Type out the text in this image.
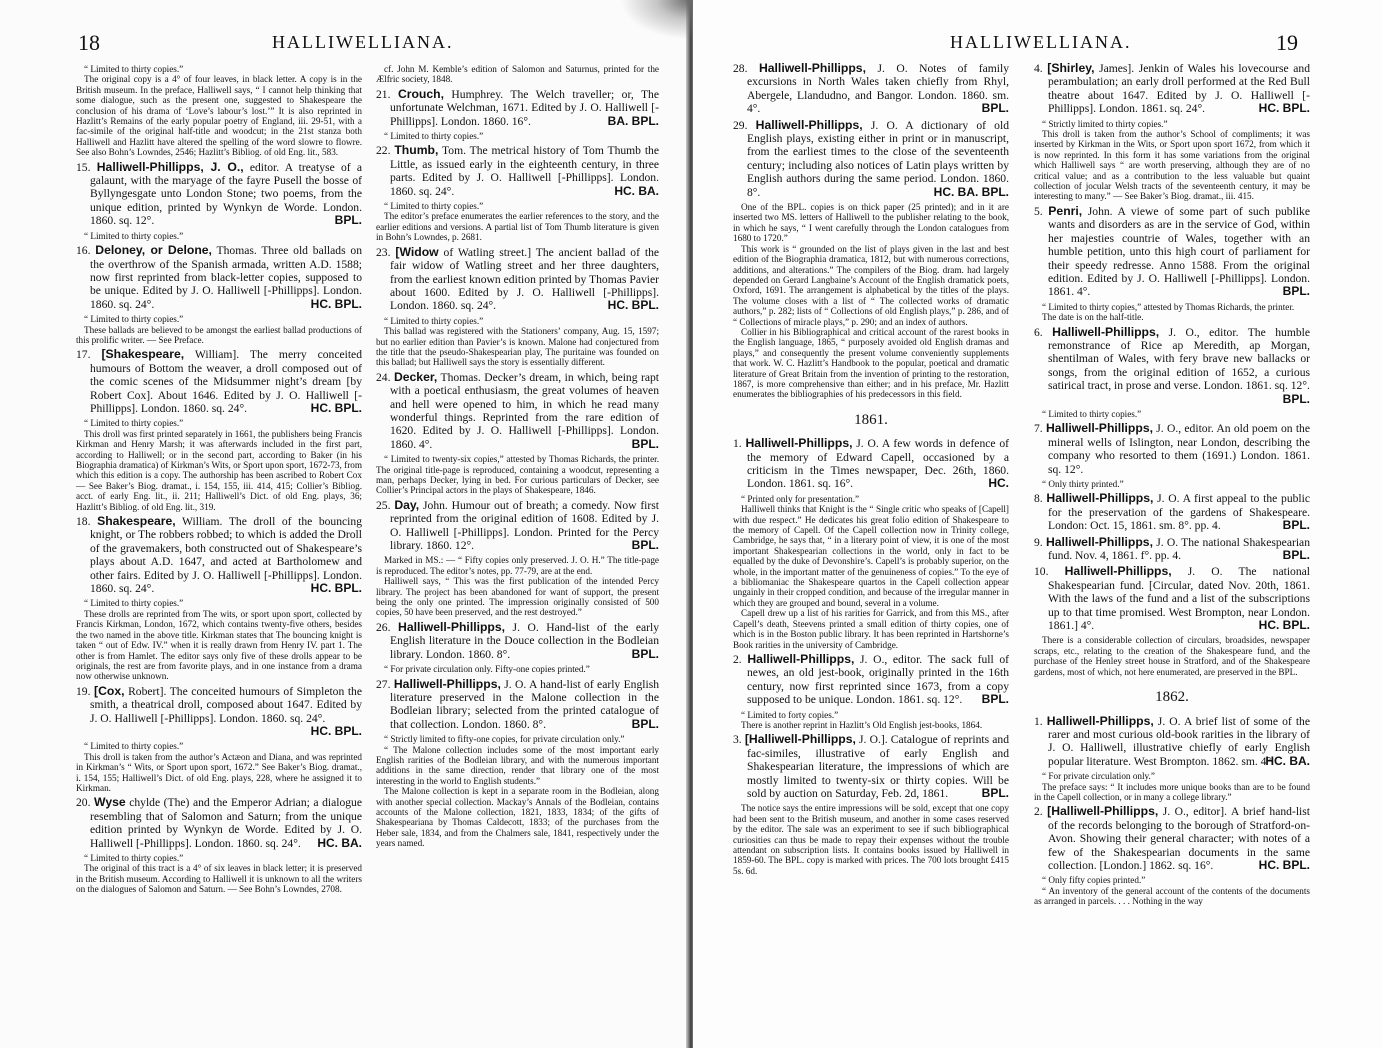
18	HALLIWELLIANA.

“ Limited to thirty copies.”

The original copy is a 4° of four leaves, in black letter. A copy is in the British museum. In the preface, Halliwell says, “ I cannot help thinking that some dialogue, such as the present one, suggested to Shakespeare the conclusion of his drama of ‘Love’s labour’s lost.’” It is also reprinted in Hazlitt’s Remains of the early popular poetry of England, iii. 29-51, with a fac-simile of the original half-title and woodcut; in the 21st stanza both Halliwell and Hazlitt have altered the spelling of the word slowre to flowre. See also Bohn’s Lowndes, 2546; Hazlitt’s Bibliog. of old Eng. lit., 583.

15. Halliwell-Phillipps, J. O., editor. A treatyse of a galaunt, with the maryage of the fayre Pusell the bosse of Byllyngesgate unto London Stone; two poems, from the unique edition, printed by Wynkyn de Worde. London. 1860. sq. 12°.	BPL.

“ Limited to thirty copies.”

16. Deloney, or Delone, Thomas. Three old ballads on the overthrow of the Spanish armada, written A.D. 1588; now first reprinted from black-letter copies, supposed to be unique. Edited by J. O. Halliwell [-Phillipps]. London. 1860. sq. 24°.	HC. BPL.

“ Limited to thirty copies.”

These ballads are believed to be amongst the earliest ballad productions of this prolific writer. — See Preface.

17. [Shakespeare, William]. The merry conceited humours of Bottom the weaver, a droll composed out of the comic scenes of the Midsummer night’s dream [by Robert Cox]. About 1646. Edited by J. O. Halliwell [-Phillipps]. London. 1860. sq. 24°.	HC. BPL.

“ Limited to thirty copies.”

This droll was first printed separately in 1661, the publishers being Francis Kirkman and Henry Marsh; it was afterwards included in the first part, according to Halliwell; or in the second part, according to Baker (in his Biographia dramatica) of Kirkman’s Wits, or Sport upon sport, 1672-73, from which this edition is a copy. The authorship has been ascribed to Robert Cox — See Baker’s Biog. dramat., i. 154, 155, iii. 414, 415; Collier’s Bibliog. acct. of early Eng. lit., ii. 211; Halliwell’s Dict. of old Eng. plays, 36; Hazlitt’s Bibliog. of old Eng. lit., 319.

18. Shakespeare, William. The droll of the bouncing knight, or The robbers robbed; to which is added the Droll of the gravemakers, both constructed out of Shakespeare’s plays about A.D. 1647, and acted at Bartholomew and other fairs. Edited by J. O. Halliwell [-Phillipps]. London. 1860. sq. 24°.	HC. BPL.

“ Limited to thirty copies.”

These drolls are reprinted from The wits, or sport upon sport, collected by Francis Kirkman, London, 1672, which contains twenty-five others, besides the two named in the above title. Kirkman states that The bouncing knight is taken “ out of Edw. IV.” when it is really drawn from Henry IV. part 1. The other is from Hamlet. The editor says only five of these drolls appear to be originals, the rest are from favorite plays, and in one instance from a drama now otherwise unknown.

19. [Cox, Robert]. The conceited humours of Simpleton the smith, a theatrical droll, composed about 1647. Edited by J. O. Halliwell [-Phillipps]. London. 1860. sq. 24°.
HC. BPL.

“ Limited to thirty copies.”

This droll is taken from the author’s Actæon and Diana, and was reprinted in Kirkman’s “ Wits, or Sport upon sport, 1672.” See Baker’s Biog. dramat., i. 154, 155; Halliwell’s Dict. of old Eng. plays, 228, where he assigned it to Kirkman.

20. Wyse chylde (The) and the Emperor Adrian; a dialogue resembling that of Salomon and Saturn; from the unique edition printed by Wynkyn de Worde. Edited by J. O. Halliwell [-Phillipps]. London. 1860. sq. 24°. HC. BA.

“ Limited to thirty copies.”

The original of this tract is a 4° of six leaves in black letter; it is preserved in the British museum. According to Halliwell it is unknown to all the writers on the dialogues of Salomon and Saturn. — See Bohn’s Lowndes, 2708.

cf. John M. Kemble’s edition of Salomon and Saturnus, printed for the Ælfric society, 1848.

21. Crouch, Humphrey. The Welch traveller; or, The unfortunate Welchman, 1671. Edited by J. O. Halliwell [-Phillipps]. London. 1860. 16°.	BA. BPL.

“ Limited to thirty copies.”

22. Thumb, Tom. The metrical history of Tom Thumb the Little, as issued early in the eighteenth century, in three parts. Edited by J. O. Halliwell [-Phillipps]. London. 1860. sq. 24°.	HC. BA.

“ Limited to thirty copies.”

The editor’s preface enumerates the earlier references to the story, and the earlier editions and versions. A partial list of Tom Thumb literature is given in Bohn’s Lowndes, p. 2681.

23. [Widow of Watling street.] The ancient ballad of the fair widow of Watling street and her three daughters, from the earliest known edition printed by Thomas Pavier about 1600. Edited by J. O. Halliwell [-Phillipps]. London. 1860. sq. 24°.	HC. BPL.

“ Limited to thirty copies.”

This ballad was registered with the Stationers’ company, Aug. 15, 1597; but no earlier edition than Pavier’s is known. Malone had conjectured from the title that the pseudo-Shakespearian play, The puritaine was founded on this ballad; but Halliwell says the story is essentially different.

24. Decker, Thomas. Decker’s dream, in which, being rapt with a poetical enthusiasm, the great volumes of heaven and hell were opened to him, in which he read many wonderful things. Reprinted from the rare edition of 1620. Edited by J. O. Halliwell [-Phillipps]. London. 1860. 4°.	BPL.

“ Limited to twenty-six copies,” attested by Thomas Richards, the printer. The original title-page is reproduced, containing a woodcut, representing a man, perhaps Decker, lying in bed. For curious particulars of Decker, see Collier’s Principal actors in the plays of Shakespeare, 1846.

25. Day, John. Humour out of breath; a comedy. Now first reprinted from the original edition of 1608. Edited by J. O. Halliwell [-Phillipps]. London. Printed for the Percy library. 1860. 12°.	BPL.

Marked in MS.: — “ Fifty copies only preserved. J. O. H.” The title-page is reproduced. The editor’s notes, pp. 77-79, are at the end.

Halliwell says, “ This was the first publication of the intended Percy library. The project has been abandoned for want of support, the present being the only one printed. The impression originally consisted of 500 copies, 50 have been preserved, and the rest destroyed.”

26. Halliwell-Phillipps, J. O. Hand-list of the early English literature in the Douce collection in the Bodleian library. London. 1860. 8°.	BPL.

“ For private circulation only. Fifty-one copies printed.”

27. Halliwell-Phillipps, J. O. A hand-list of early English literature preserved in the Malone collection in the Bodleian library; selected from the printed catalogue of that collection. London. 1860. 8°.	BPL.

“ Strictly limited to fifty-one copies, for private circulation only.”

“ The Malone collection includes some of the most important early English rarities of the Bodleian library, and with the numerous important additions in the same direction, render that library one of the most interesting in the world to English students.”

The Malone collection is kept in a separate room in the Bodleian, along with another special collection. Mackay’s Annals of the Bodleian, contains accounts of the Malone collection, 1821, 1833, 1834; of the gifts of Shakespeariana by Thomas Caldecott, 1833; of the purchases from the Heber sale, 1834, and from the Chalmers sale, 1841, respectively under the years named.

HALLIWELLIANA.	19
28. Halliwell-Phillipps, J. O. Notes of family excursions in North Wales taken chiefly from Rhyl, Abergele, Llandudno, and Bangor. London. 1860. sm. 4°.	BPL.
29. Halliwell-Phillipps, J. O. A dictionary of old English plays, existing either in print or in manuscript, from the earliest times to the close of the seventeenth century; including also notices of Latin plays written by English authors during the same period. London. 1860. 8°.	HC. BA. BPL.

One of the BPL. copies is on thick paper (25 printed); and in it are inserted two MS. letters of Halliwell to the publisher relating to the book, in which he says, “ I went carefully through the London catalogues from 1680 to 1720.”

This work is “ grounded on the list of plays given in the last and best edition of the Biographia dramatica, 1812, but with numerous corrections, additions, and alterations.” The compilers of the Biog. dram. had largely depended on Gerard Langbaine’s Account of the English dramatick poets, Oxford, 1691. The arrangement is alphabetical by the titles of the plays. The volume closes with a list of “ The collected works of dramatic authors,” p. 282; lists of “ Collections of old English plays,” p. 286, and of “ Collections of miracle plays,” p. 290; and an index of authors.

Collier in his Bibliographical and critical account of the rarest books in the English language, 1865, “ purposely avoided old English dramas and plays,” and consequently the present volume conveniently supplements that work. W. C. Hazlitt’s Handbook to the popular, poetical and dramatic literature of Great Britain from the invention of printing to the restoration, 1867, is more comprehensive than either; and in his preface, Mr. Hazlitt enumerates the bibliographies of his predecessors in this field.

1861.
1. Halliwell-Phillipps, J. O. A few words in defence of the memory of Edward Capell, occasioned by a criticism in the Times newspaper, Dec. 26th, 1860. London. 1861. sq. 16°.	HC.

“ Printed only for presentation.”

Halliwell thinks that Knight is the “ Single critic who speaks of [Capell] with due respect.” He dedicates his great folio edition of Shakespeare to the memory of Capell. Of the Capell collection now in Trinity college, Cambridge, he says that, “ in a literary point of view, it is one of the most important Shakespearian collections in the world, only in fact to be equalled by the duke of Devonshire’s. Capell’s is probably superior, on the whole, in the important matter of the genuineness of copies.” To the eye of a bibliomaniac the Shakespeare quartos in the Capell collection appear ungainly in their cropped condition, and because of the irregular manner in which they are grouped and bound, several in a volume.

Capell drew up a list of his rarities for Garrick, and from this MS., after Capell’s death, Steevens printed a small edition of thirty copies, one of which is in the Boston public library. It has been reprinted in Hartshorne’s Book rarities in the university of Cambridge.

2. Halliwell-Phillipps, J. O., editor. The sack full of newes, an old jest-book, originally printed in the 16th century, now first reprinted since 1673, from a copy supposed to be unique. London. 1861. sq. 12°. BPL.

“ Limited to forty copies.”

There is another reprint in Hazlitt’s Old English jest-books, 1864.

3. [Halliwell-Phillipps, J. O.]. Catalogue of reprints and fac-similes, illustrative of early English and Shakespearian literature, the impressions of which are mostly limited to twenty-six or thirty copies. Will be sold by auction on Saturday, Feb. 2d, 1861.	BPL.

The notice says the entire impressions will be sold, except that one copy had been sent to the British museum, and another in some cases reserved by the editor. The sale was an experiment to see if such bibliographical curiosities can thus be made to repay their expenses without the trouble attendant on subscription lists. It contains books issued by Halliwell in 1859-60. The BPL. copy is marked with prices. The 700 lots brought £415 5s. 6d.

4. [Shirley, James]. Jenkin of Wales his lovecourse and perambulation; an early droll performed at the Red Bull theatre about 1647. Edited by J. O. Halliwell [-Phillipps]. London. 1861. sq. 24°.	HC. BPL.

“ Strictly limited to thirty copies.”

This droll is taken from the author’s School of compliments; it was inserted by Kirkman in the Wits, or Sport upon sport 1672, from which it is now reprinted. In this form it has some variations from the original which Halliwell says “ are worth preserving, although they are of no critical value; and as a contribution to the less valuable but quaint collection of jocular Welsh tracts of the seventeenth century, it may be interesting to many.” — See Baker’s Biog. dramat., iii. 415.

5. Penri, John. A viewe of some part of such publike wants and disorders as are in the service of God, within her majesties countrie of Wales, together with an humble petition, unto this high court of parliament for their speedy redresse. Anno 1588. From the original edition. Edited by J. O. Halliwell [-Phillipps]. London. 1861. 4°.	BPL.

“ Limited to thirty copies,” attested by Thomas Richards, the printer.

The date is on the half-title.

6. Halliwell-Phillipps, J. O., editor. The humble remonstrance of Rice ap Meredith, ap Morgan, shentilman of Wales, with fery brave new ballacks or songs, from the original edition of 1652, a curious satirical tract, in prose and verse. London. 1861. sq. 12°.
BPL.

“ Limited to thirty copies.”

7. Halliwell-Phillipps, J. O., editor. An old poem on the mineral wells of Islington, near London, describing the company who resorted to them (1691.) London. 1861. sq. 12°.

“ Only thirty printed.”

8. Halliwell-Phillipps, J. O. A first appeal to the public for the preservation of the gardens of Shakespeare. London: Oct. 15, 1861. sm. 8°. pp. 4.	BPL.
9. Halliwell-Phillipps, J. O. The national Shakespearian fund. Nov. 4, 1861. f°. pp. 4.	BPL.
10. Halliwell-Phillipps, J. O. The national Shakespearian fund. [Circular, dated Nov. 20th, 1861. With the laws of the fund and a list of the subscriptions up to that time promised. West Brompton, near London. 1861.] 4°.	HC. BPL.

There is a considerable collection of circulars, broadsides, newspaper scraps, etc., relating to the creation of the Shakespeare fund, and the purchase of the Henley street house in Stratford, and of the Shakespeare gardens, most of which, not here enumerated, are preserved in the BPL.

1862.
1. Halliwell-Phillipps, J. O. A brief list of some of the rarer and most curious old-book rarities in the library of J. O. Halliwell, illustrative chiefly of early English popular literature. West Brompton. 1862. sm. 4°.
HC. BA.

“ For private circulation only.”

The preface says: “ It includes more unique books than are to be found in the Capell collection, or in many a college library.”

2. [Halliwell-Phillipps, J. O., editor]. A brief hand-list of the records belonging to the borough of Stratford-on-Avon. Showing their general character; with notes of a few of the Shakespearian documents in the same collection. [London.] 1862. sq. 16°.	HC. BPL.

“ Only fifty copies printed.”

“ An inventory of the general account of the contents of the documents as arranged in parcels. . . . Nothing in the way
